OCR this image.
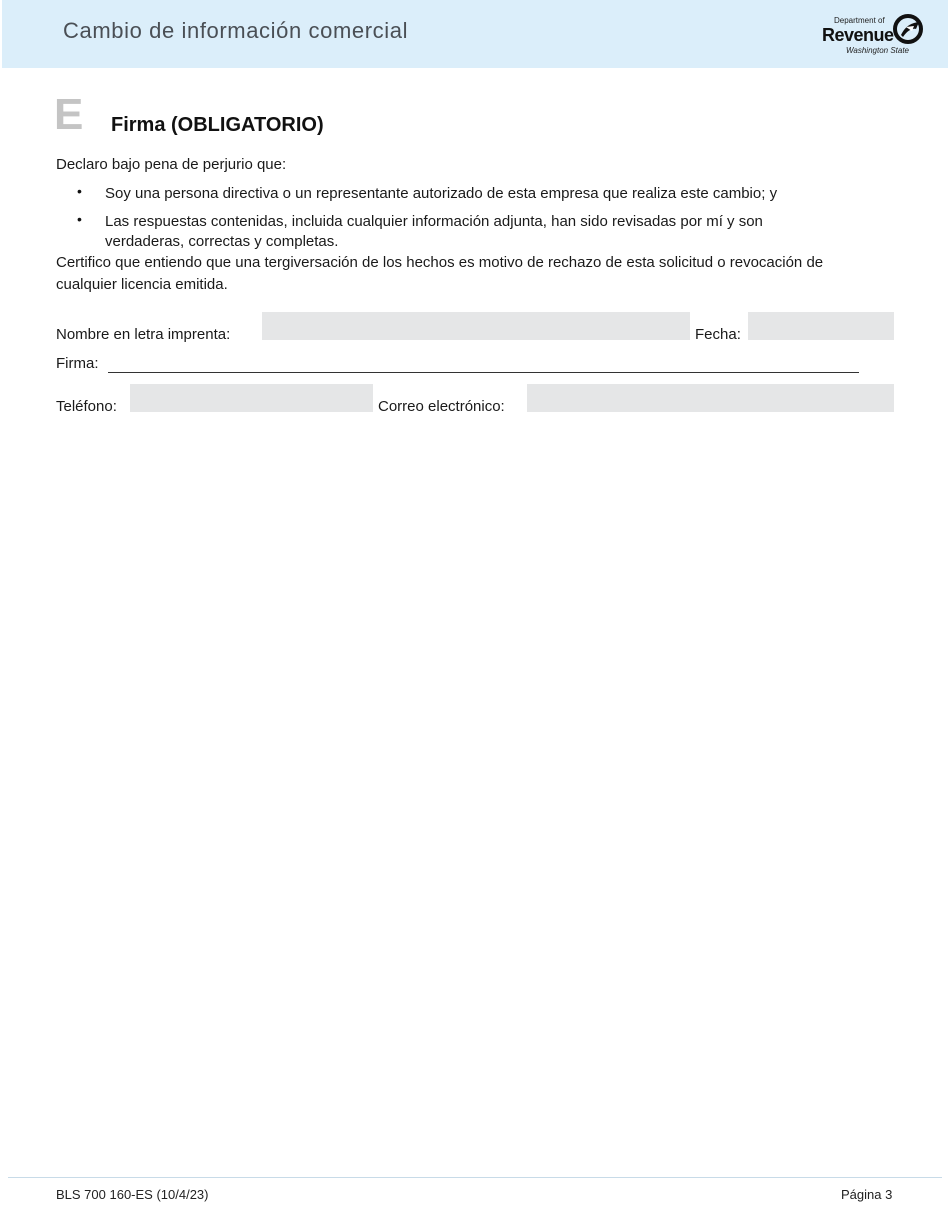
Cambio de información comercial	Department of
Revenue
Washington State
E Firma (OBLIGATORIO)
Declaro bajo pena de perjurio que:
• Soy una persona directiva o un representante autorizado de esta empresa que realiza este cambio; y
• Las respuestas contenidas, incluida cualquier información adjunta, han sido revisadas por mí y son
verdaderas, correctas y completas.
Certifico que entiendo que una tergiversación de los hechos es motivo de rechazo de esta solicitud o revocación de
cualquier licencia emitida.
Nombre en letra imprenta:	Fecha:
Firma:
Teléfono:	Correo electrónico:
BLS 700 160-ES (10/4/23)	Página 3
